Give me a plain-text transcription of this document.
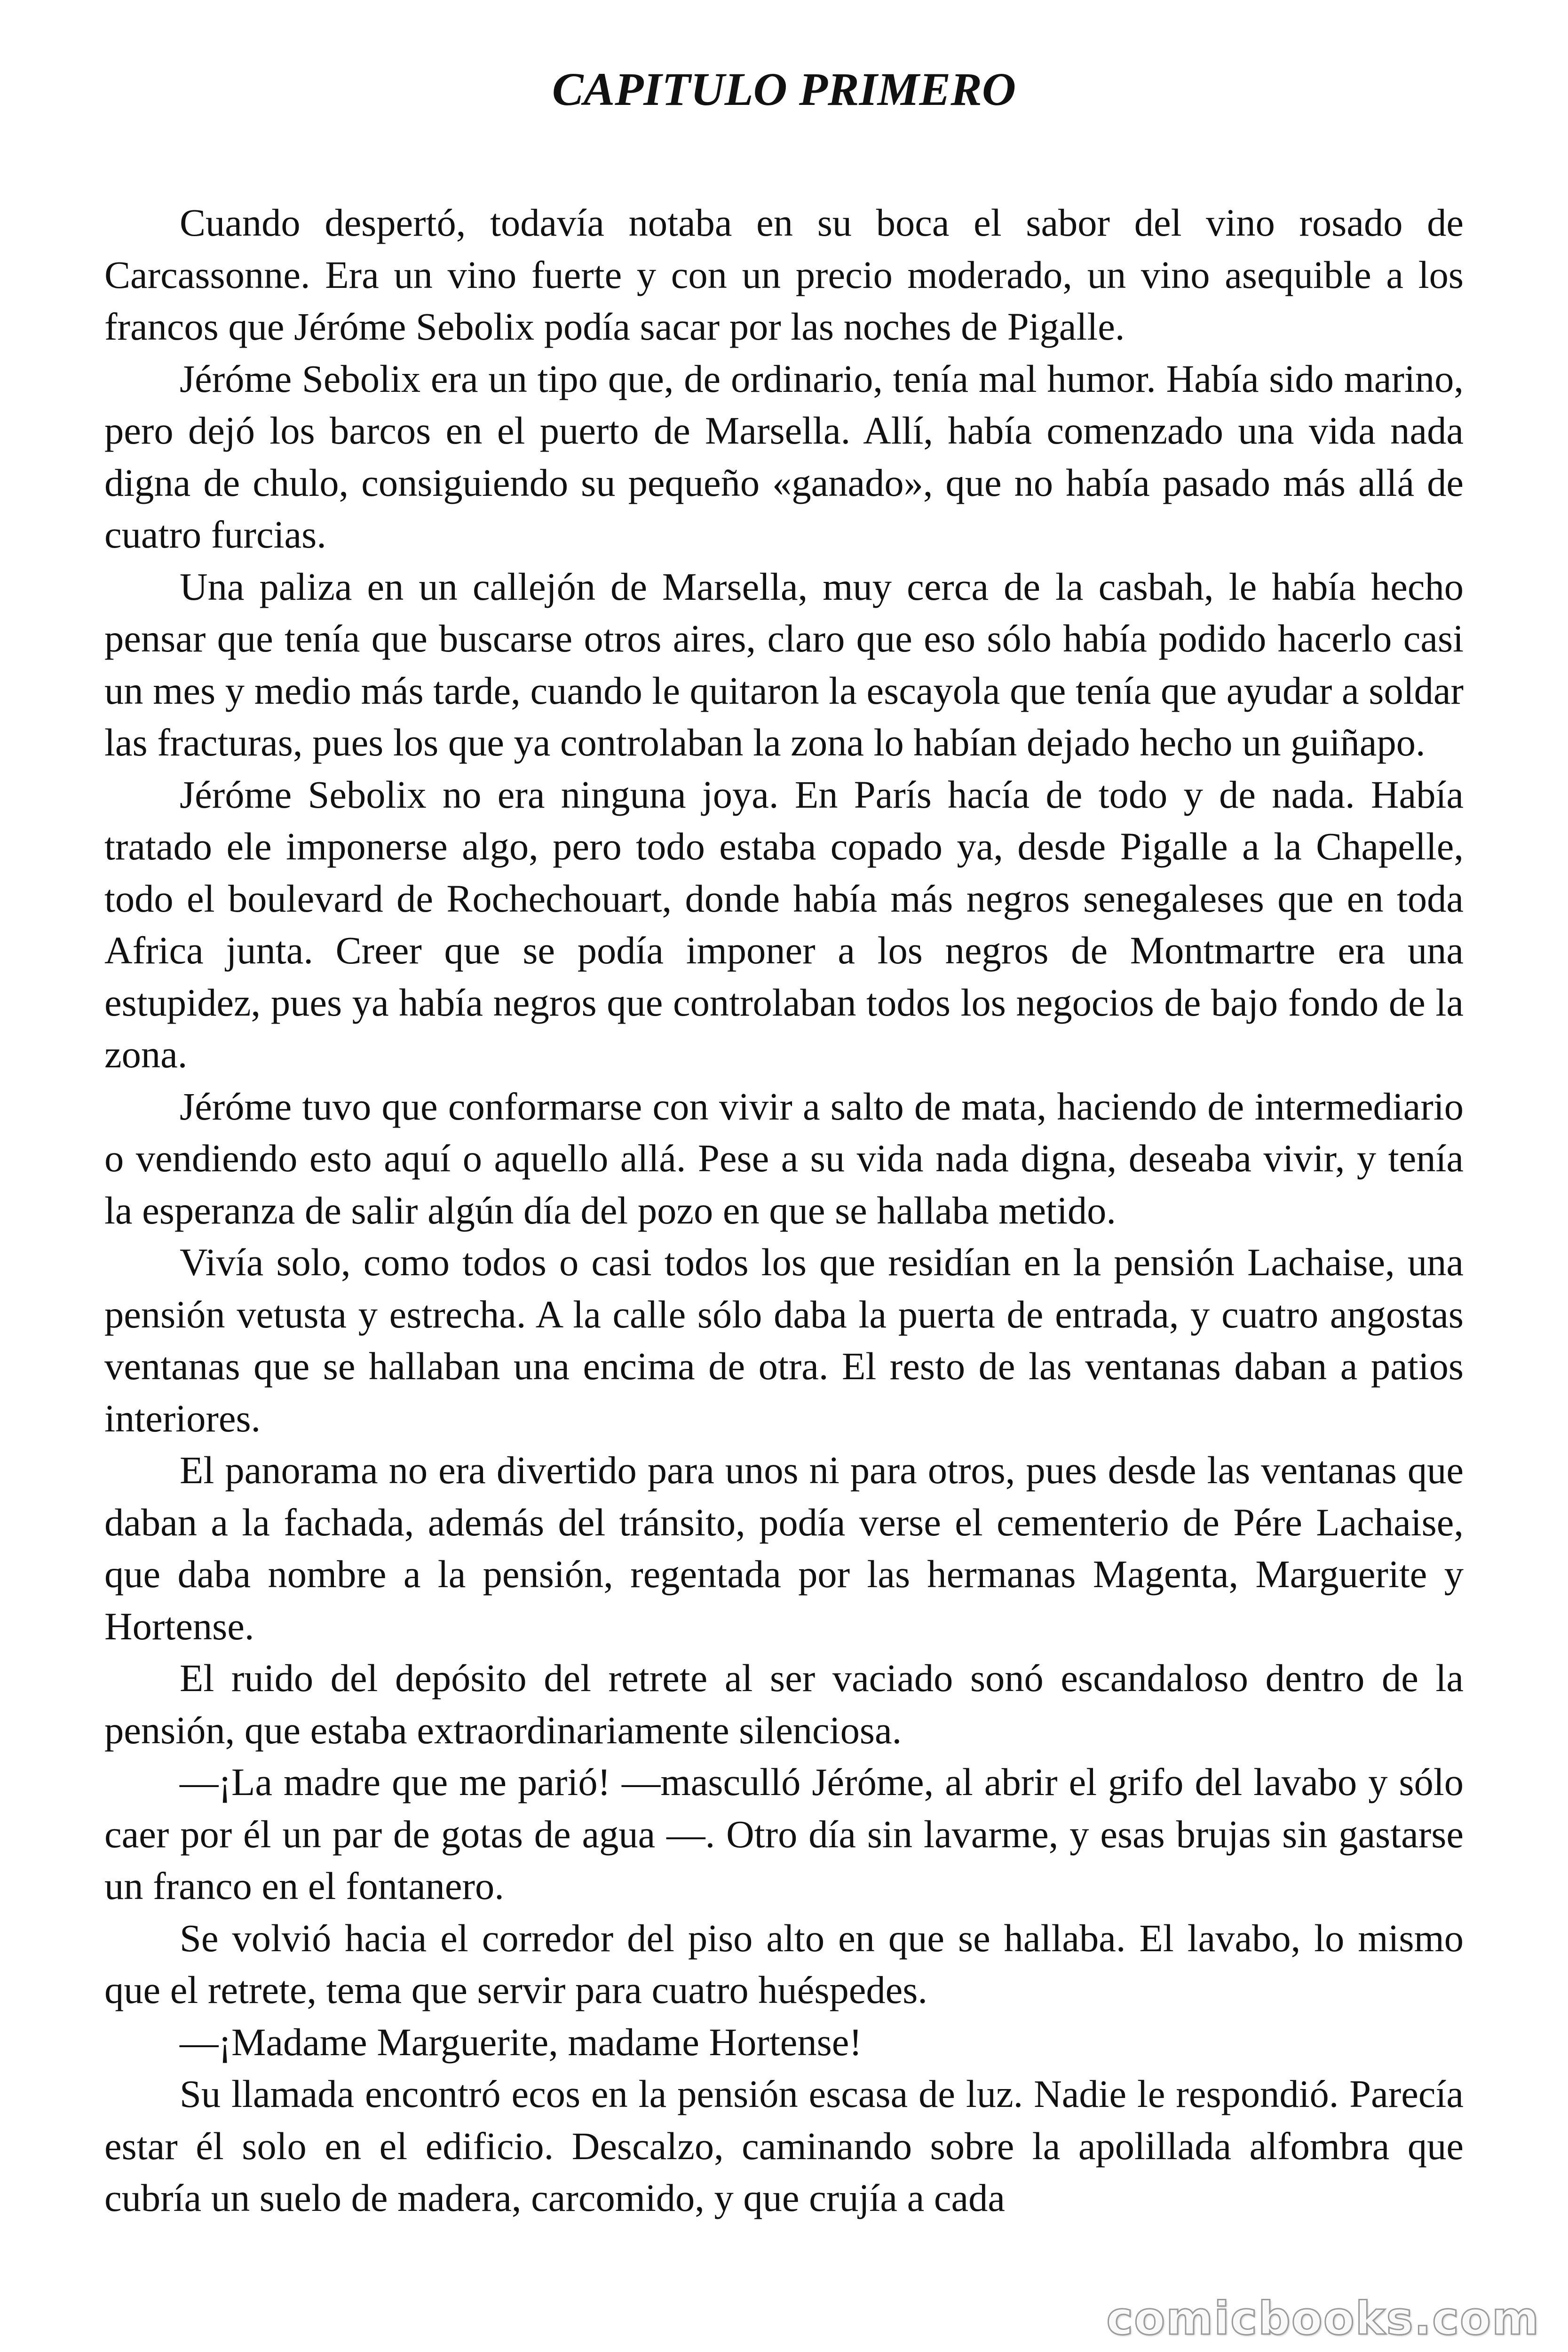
CAPITULO PRIMERO

Cuando despertó, todavía notaba en su boca el sabor del vino rosado de Carcassonne. Era un vino fuerte y con un precio moderado, un vino asequible a los francos que Jéróme Sebolix podía sacar por las noches de Pigalle.

Jéróme Sebolix era un tipo que, de ordinario, tenía mal humor. Había sido marino, pero dejó los barcos en el puerto de Marsella. Allí, había comenzado una vida nada digna de chulo, consiguiendo su pequeño «ganado», que no había pasado más allá de cuatro furcias.

Una paliza en un callejón de Marsella, muy cerca de la casbah, le había hecho pensar que tenía que buscarse otros aires, claro que eso sólo había podido hacerlo casi un mes y medio más tarde, cuando le quitaron la escayola que tenía que ayudar a soldar las fracturas, pues los que ya controlaban la zona lo habían dejado hecho un guiñapo.

Jéróme Sebolix no era ninguna joya. En París hacía de todo y de nada. Había tratado ele imponerse algo, pero todo estaba copado ya, desde Pigalle a la Chapelle, todo el boulevard de Rochechouart, donde había más negros senegaleses que en toda Africa junta. Creer que se podía imponer a los negros de Montmartre era una estupidez, pues ya había negros que controlaban todos los negocios de bajo fondo de la zona.

Jéróme tuvo que conformarse con vivir a salto de mata, haciendo de intermediario o vendiendo esto aquí o aquello allá. Pese a su vida nada digna, deseaba vivir, y tenía la esperanza de salir algún día del pozo en que se hallaba metido.

Vivía solo, como todos o casi todos los que residían en la pensión Lachaise, una pensión vetusta y estrecha. A la calle sólo daba la puerta de entrada, y cuatro angostas ventanas que se hallaban una encima de otra. El resto de las ventanas daban a patios interiores.

El panorama no era divertido para unos ni para otros, pues desde las ventanas que daban a la fachada, además del tránsito, podía verse el cementerio de Pére Lachaise, que daba nombre a la pensión, regentada por las hermanas Magenta, Marguerite y Hortense.

El ruido del depósito del retrete al ser vaciado sonó escandaloso dentro de la pensión, que estaba extraordinariamente silenciosa.

—¡La madre que me parió! —masculló Jéróme, al abrir el grifo del lavabo y sólo caer por él un par de gotas de agua —. Otro día sin lavarme, y esas brujas sin gastarse un franco en el fontanero.

Se volvió hacia el corredor del piso alto en que se hallaba. El lavabo, lo mismo que el retrete, tema que servir para cuatro huéspedes.

—¡Madame Marguerite, madame Hortense!

Su llamada encontró ecos en la pensión escasa de luz. Nadie le respondió. Parecía estar él solo en el edificio. Descalzo, caminando sobre la apolillada alfombra que cubría un suelo de madera, carcomido, y que crujía a cada

comicbooks.com
